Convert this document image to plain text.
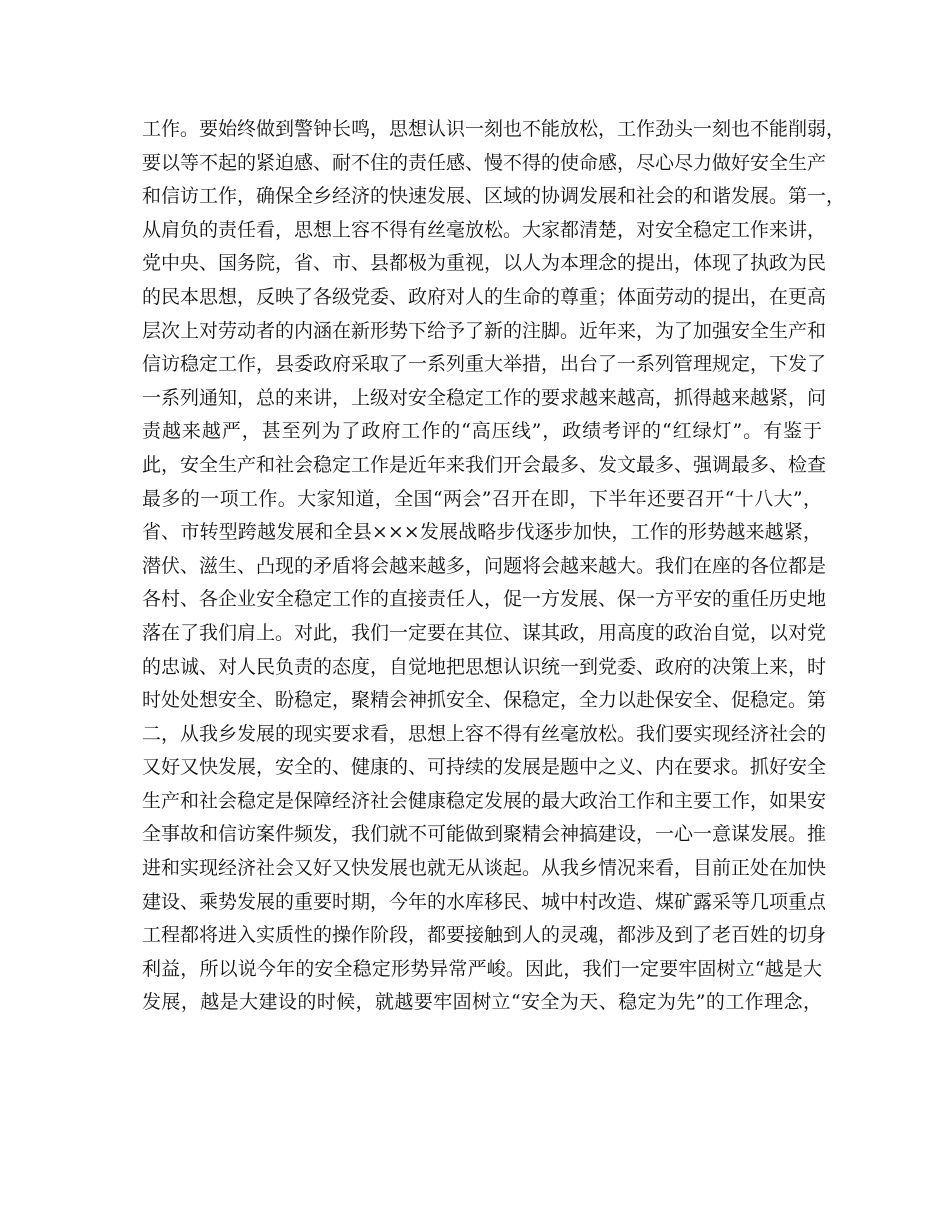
工作。要始终做到警钟长鸣，思想认识一刻也不能放松，工作劲头一刻也不能削弱，
要以等不起的紧迫感、耐不住的责任感、慢不得的使命感，尽心尽力做好安全生产
和信访工作，确保全乡经济的快速发展、区域的协调发展和社会的和谐发展。第一，
从肩负的责任看，思想上容不得有丝毫放松。大家都清楚，对安全稳定工作来讲，
党中央、国务院，省、市、县都极为重视，以人为本理念的提出，体现了执政为民
的民本思想，反映了各级党委、政府对人的生命的尊重；体面劳动的提出，在更高
层次上对劳动者的内涵在新形势下给予了新的注脚。近年来，为了加强安全生产和
信访稳定工作，县委政府采取了一系列重大举措，出台了一系列管理规定，下发了
一系列通知，总的来讲，上级对安全稳定工作的要求越来越高，抓得越来越紧，问
责越来越严，甚至列为了政府工作的“高压线”，政绩考评的“红绿灯”。有鉴于
此，安全生产和社会稳定工作是近年来我们开会最多、发文最多、强调最多、检查
最多的一项工作。大家知道，全国“两会”召开在即，下半年还要召开“十八大”，
省、市转型跨越发展和全县×××发展战略步伐逐步加快，工作的形势越来越紧，
潜伏、滋生、凸现的矛盾将会越来越多，问题将会越来越大。我们在座的各位都是
各村、各企业安全稳定工作的直接责任人，促一方发展、保一方平安的重任历史地
落在了我们肩上。对此，我们一定要在其位、谋其政，用高度的政治自觉，以对党
的忠诚、对人民负责的态度，自觉地把思想认识统一到党委、政府的决策上来，时
时处处想安全、盼稳定，聚精会神抓安全、保稳定，全力以赴保安全、促稳定。第
二，从我乡发展的现实要求看，思想上容不得有丝毫放松。我们要实现经济社会的
又好又快发展，安全的、健康的、可持续的发展是题中之义、内在要求。抓好安全
生产和社会稳定是保障经济社会健康稳定发展的最大政治工作和主要工作，如果安
全事故和信访案件频发，我们就不可能做到聚精会神搞建设，一心一意谋发展。推
进和实现经济社会又好又快发展也就无从谈起。从我乡情况来看，目前正处在加快
建设、乘势发展的重要时期，今年的水库移民、城中村改造、煤矿露采等几项重点
工程都将进入实质性的操作阶段，都要接触到人的灵魂，都涉及到了老百姓的切身
利益，所以说今年的安全稳定形势异常严峻。因此，我们一定要牢固树立“越是大
发展，越是大建设的时候，就越要牢固树立“安全为天、稳定为先”的工作理念，
